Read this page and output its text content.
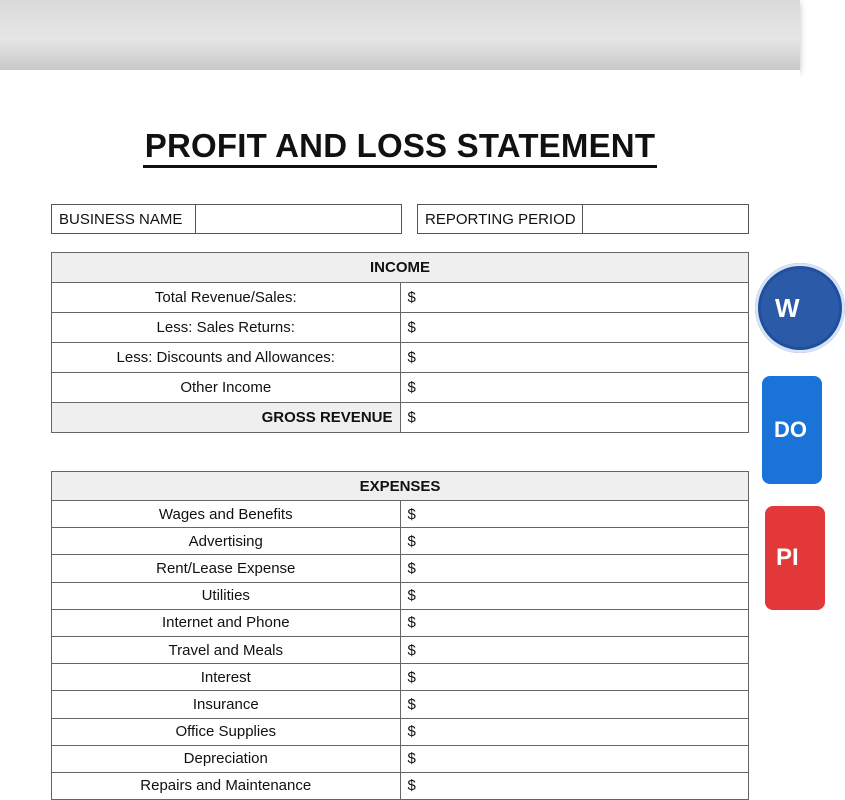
PROFIT AND LOSS STATEMENT
BUSINESS NAME	REPORTING PERIOD
INCOME	
Total Revenue/Sales:	$
Less: Sales Returns:	$
Less: Discounts and Allowances:	$
Other Income	$
GROSS REVENUE	$
EXPENSES	
Wages and Benefits	$
Advertising	$
Rent/Lease Expense	$
Utilities	$
Internet and Phone	$
Travel and Meals	$
Interest	$
Insurance	$
Office Supplies	$
Depreciation	$
Repairs and Maintenance	$
W
DO
PI
